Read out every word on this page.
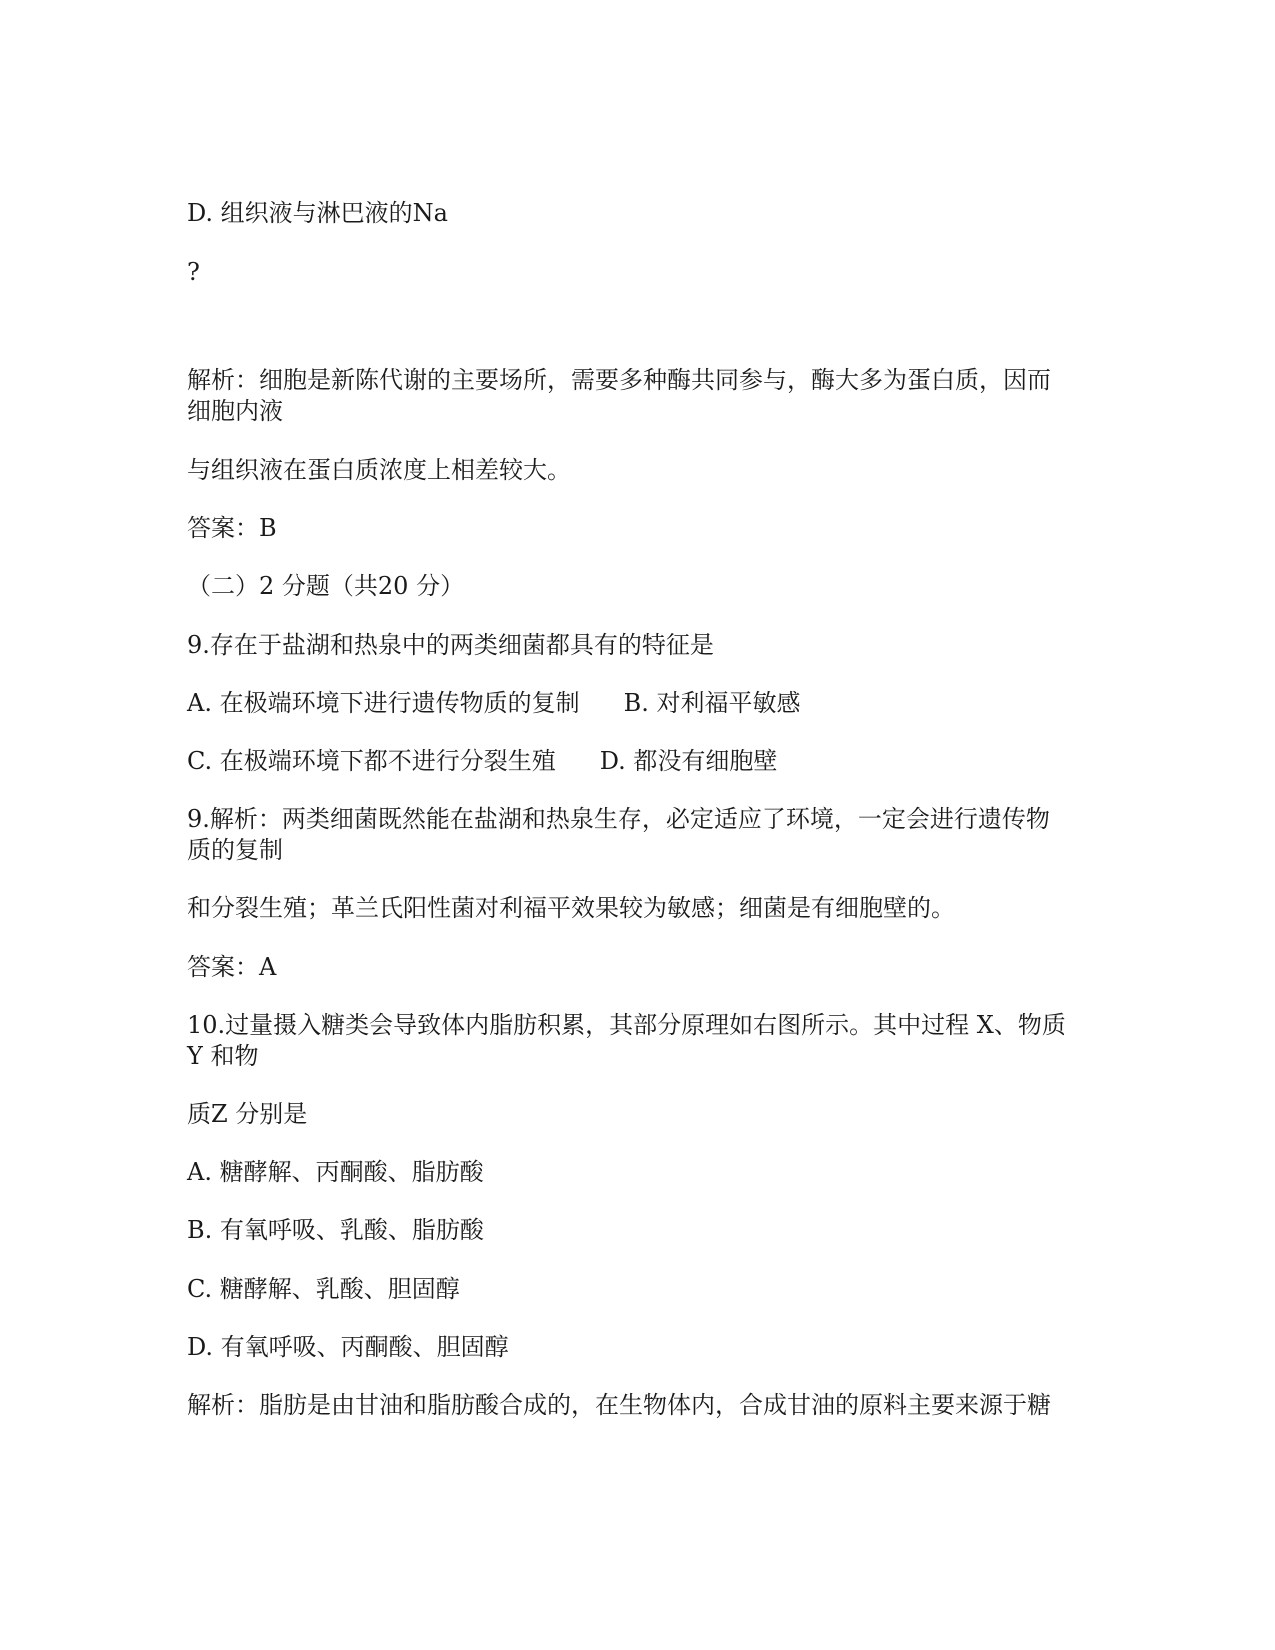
D. 组织液与淋巴液的Na
?
解析：细胞是新陈代谢的主要场所，需要多种酶共同参与，酶大多为蛋白质，因而
细胞内液
与组织液在蛋白质浓度上相差较大。
答案：B
（二）2 分题（共20 分）
9.存在于盐湖和热泉中的两类细菌都具有的特征是
A. 在极端环境下进行遗传物质的复制 B. 对利福平敏感
C. 在极端环境下都不进行分裂生殖 D. 都没有细胞壁
9.解析：两类细菌既然能在盐湖和热泉生存，必定适应了环境，一定会进行遗传物
质的复制
和分裂生殖；革兰氏阳性菌对利福平效果较为敏感；细菌是有细胞壁的。
答案：A
10.过量摄入糖类会导致体内脂肪积累，其部分原理如右图所示。其中过程 X、物质
Y 和物
质Z 分别是
A. 糖酵解、丙酮酸、脂肪酸
B. 有氧呼吸、乳酸、脂肪酸
C. 糖酵解、乳酸、胆固醇
D. 有氧呼吸、丙酮酸、胆固醇
解析：脂肪是由甘油和脂肪酸合成的，在生物体内，合成甘油的原料主要来源于糖
